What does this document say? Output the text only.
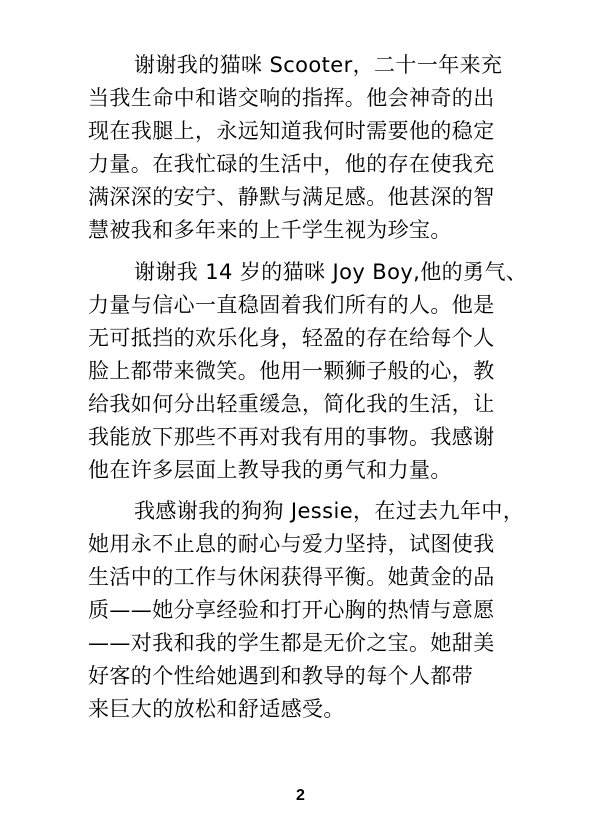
谢谢我的猫咪 Scooter，二十一年来充
当我生命中和谐交响的指挥。他会神奇的出
现在我腿上，永远知道我何时需要他的稳定
力量。在我忙碌的生活中，他的存在使我充
满深深的安宁、静默与满足感。他甚深的智
慧被我和多年来的上千学生视为珍宝。
谢谢我 14 岁的猫咪 Joy Boy,他的勇气、
力量与信心一直稳固着我们所有的人。他是
无可抵挡的欢乐化身，轻盈的存在给每个人
脸上都带来微笑。他用一颗狮子般的心，教
给我如何分出轻重缓急，简化我的生活，让
我能放下那些不再对我有用的事物。我感谢
他在许多层面上教导我的勇气和力量。
我感谢我的狗狗 Jessie，在过去九年中，
她用永不止息的耐心与爱力坚持，试图使我
生活中的工作与休闲获得平衡。她黄金的品
质——她分享经验和打开心胸的热情与意愿
——对我和我的学生都是无价之宝。她甜美
好客的个性给她遇到和教导的每个人都带
来巨大的放松和舒适感受。
2
